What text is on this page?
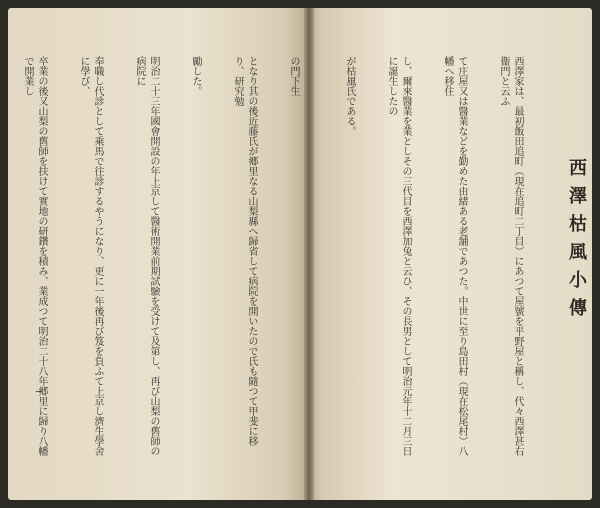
西澤枯風小傳

西澤家は、最初飯田追町（現在追町二丁目）にあつて屋號を平野屋と稱し、代々西澤甚右衞門と云ふ

て庄屋又は醫業などを勤めた由緒ある老舗であつた。中世に至り島田村（現在松尾村）八幡へ移住

し、爾來醫業を業としその三代目を西澤加兔と云ひ、その長男として明治元年十二月三日に誕生したの

が枯風氏である。

の門下生

となり其の後近藤氏が郷里なる山梨縣へ歸省して病院を開いたので氏も隨つて甲斐に移り、研究勉

勵した。

明治二十三年國會開設の年上京して醫術開業前期試驗を受けて及第し、再び山梨の舊師の病院に

奉職し代診として乘馬で往診するやうになり、更に一年後再び笈を負ふて上京し濟生學舍に學び、

卒業の後又山梨の舊師を扶けて實地の研鑽を積み、業成つて明治二十八年郷里に歸り八幡で開業し
